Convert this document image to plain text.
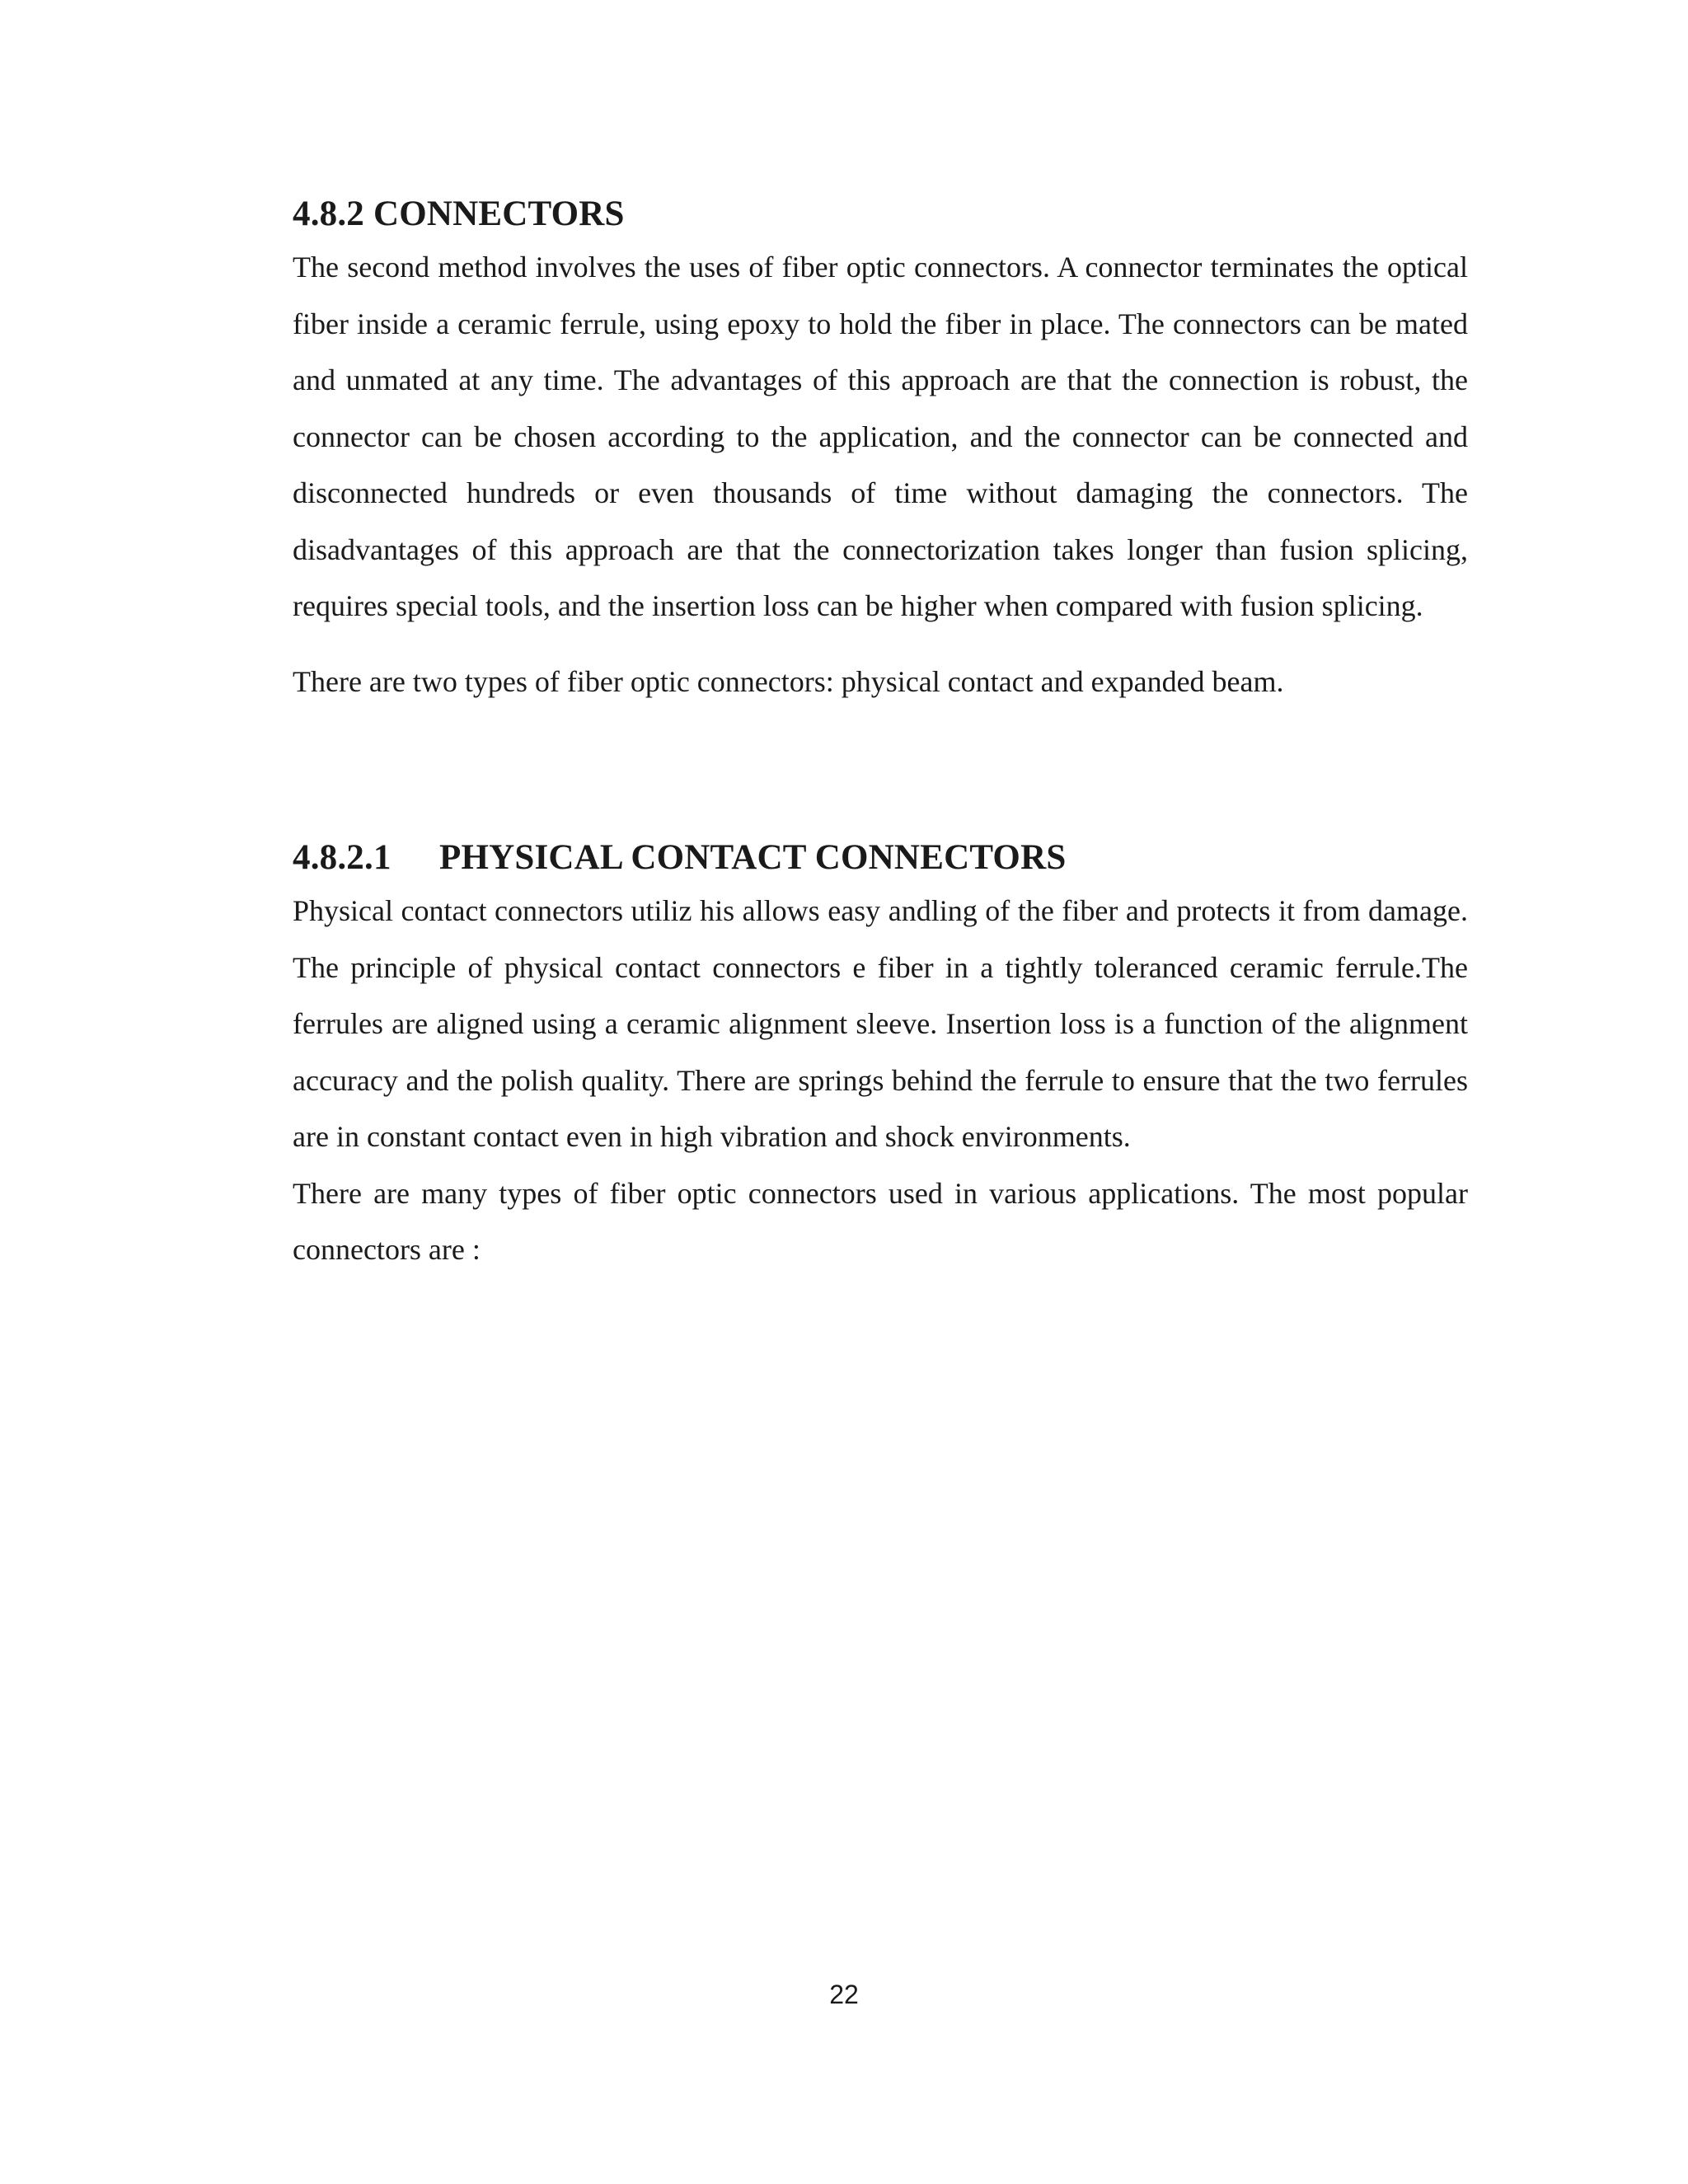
4.8.2 CONNECTORS

The second method involves the uses of fiber optic connectors. A connector terminates the optical fiber inside a ceramic ferrule, using epoxy to hold the fiber in place. The connectors can be mated and unmated at any time. The advantages of this approach are that the connection is robust, the connector can be chosen according to the application, and the connector can be connected and disconnected hundreds or even thousands of time without damaging the connectors. The disadvantages of this approach are that the connectorization takes longer than fusion splicing, requires special tools, and the insertion loss can be higher when compared with fusion splicing.

There are two types of fiber optic connectors: physical contact and expanded beam.

4.8.2.1 PHYSICAL CONTACT CONNECTORS

Physical contact connectors utiliz his allows easy andling of the fiber and protects it from damage. The principle of physical contact connectors e fiber in a tightly toleranced ceramic ferrule.The ferrules are aligned using a ceramic alignment sleeve. Insertion loss is a function of the alignment accuracy and the polish quality. There are springs behind the ferrule to ensure that the two ferrules are in constant contact even in high vibration and shock environments.

There are many types of fiber optic connectors used in various applications. The most popular connectors are :

22
